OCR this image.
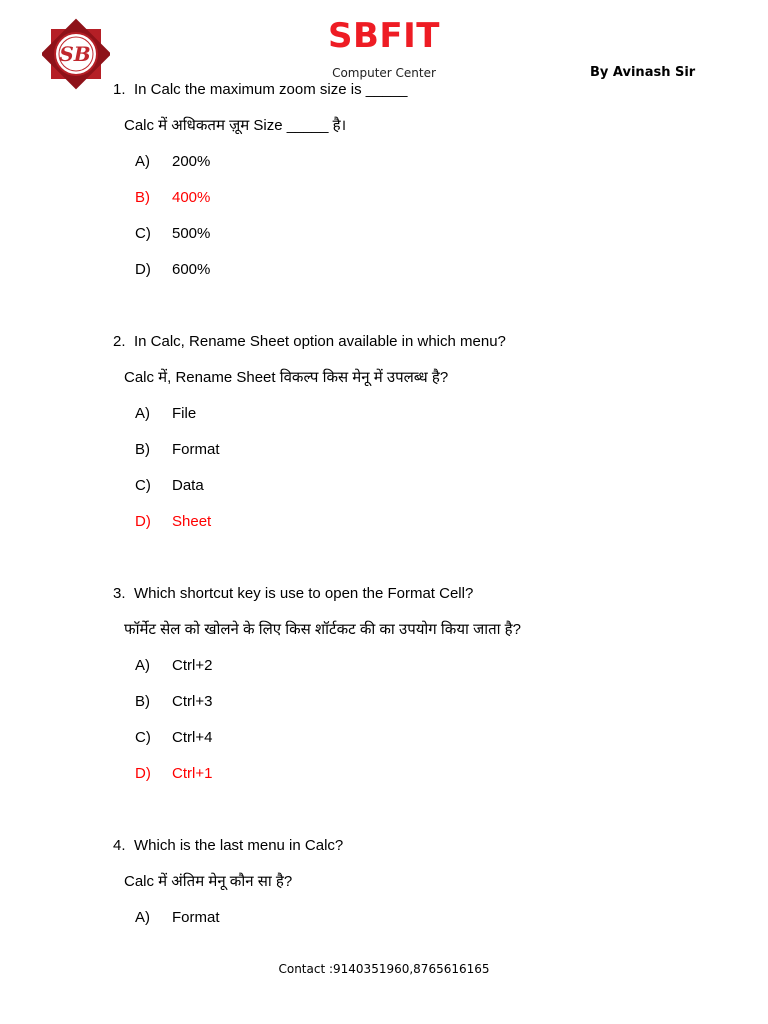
SB	SBFIT
Computer Center	By Avinash Sir
1. In Calc the maximum zoom size is _____
Calc में अधिकतम ज़ूम Size _____ है।
A) 200%
B) 400%
C) 500%
D) 600%
2. In Calc, Rename Sheet option available in which menu?
Calc में, Rename Sheet विकल्प किस मेनू में उपलब्ध है?
A) File
B) Format
C) Data
D) Sheet
3. Which shortcut key is use to open the Format Cell?
फॉर्मेट सेल को खोलने के लिए किस शॉर्टकट की का उपयोग किया जाता है?
A) Ctrl+2
B) Ctrl+3
C) Ctrl+4
D) Ctrl+1
4. Which is the last menu in Calc?
Calc में अंतिम मेनू कौन सा है?
A) Format
Contact :9140351960,8765616165
